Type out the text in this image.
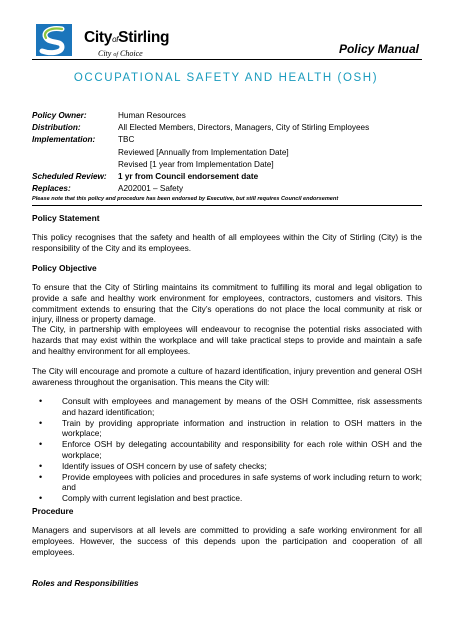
CityofStirling
City of Choice	Policy Manual
OCCUPATIONAL SAFETY AND HEALTH (OSH)
Policy Owner:	Human Resources
Distribution:	All Elected Members, Directors, Managers, City of Stirling Employees
Implementation:	TBC
Reviewed [Annually from Implementation Date]
Revised [1 year from Implementation Date]
Scheduled Review:	1 yr from Council endorsement date
Replaces:	A202001 – Safety
Please note that this policy and procedure has been endorsed by Executive, but still requires Council endorsement
Policy Statement
This policy recognises that the safety and health of all employees within the City of Stirling (City) is the responsibility of the City and its employees.
Policy Objective
To ensure that the City of Stirling maintains its commitment to fulfilling its moral and legal obligation to provide a safe and healthy work environment for employees, contractors, customers and visitors. This commitment extends to ensuring that the City’s operations do not place the local community at risk or injury, illness or property damage.
The City, in partnership with employees will endeavour to recognise the potential risks associated with hazards that may exist within the workplace and will take practical steps to provide and maintain a safe and healthy environment for all employees.
The City will encourage and promote a culture of hazard identification, injury prevention and general OSH awareness throughout the organisation. This means the City will:
• Consult with employees and management by means of the OSH Committee, risk assessments and hazard identification;
• Train by providing appropriate information and instruction in relation to OSH matters in the workplace;
• Enforce OSH by delegating accountability and responsibility for each role within OSH and the workplace;
• Identify issues of OSH concern by use of safety checks;
• Provide employees with policies and procedures in safe systems of work including return to work; and
• Comply with current legislation and best practice.
Procedure
Managers and supervisors at all levels are committed to providing a safe working environment for all employees. However, the success of this depends upon the participation and cooperation of all employees.
Roles and Responsibilities
